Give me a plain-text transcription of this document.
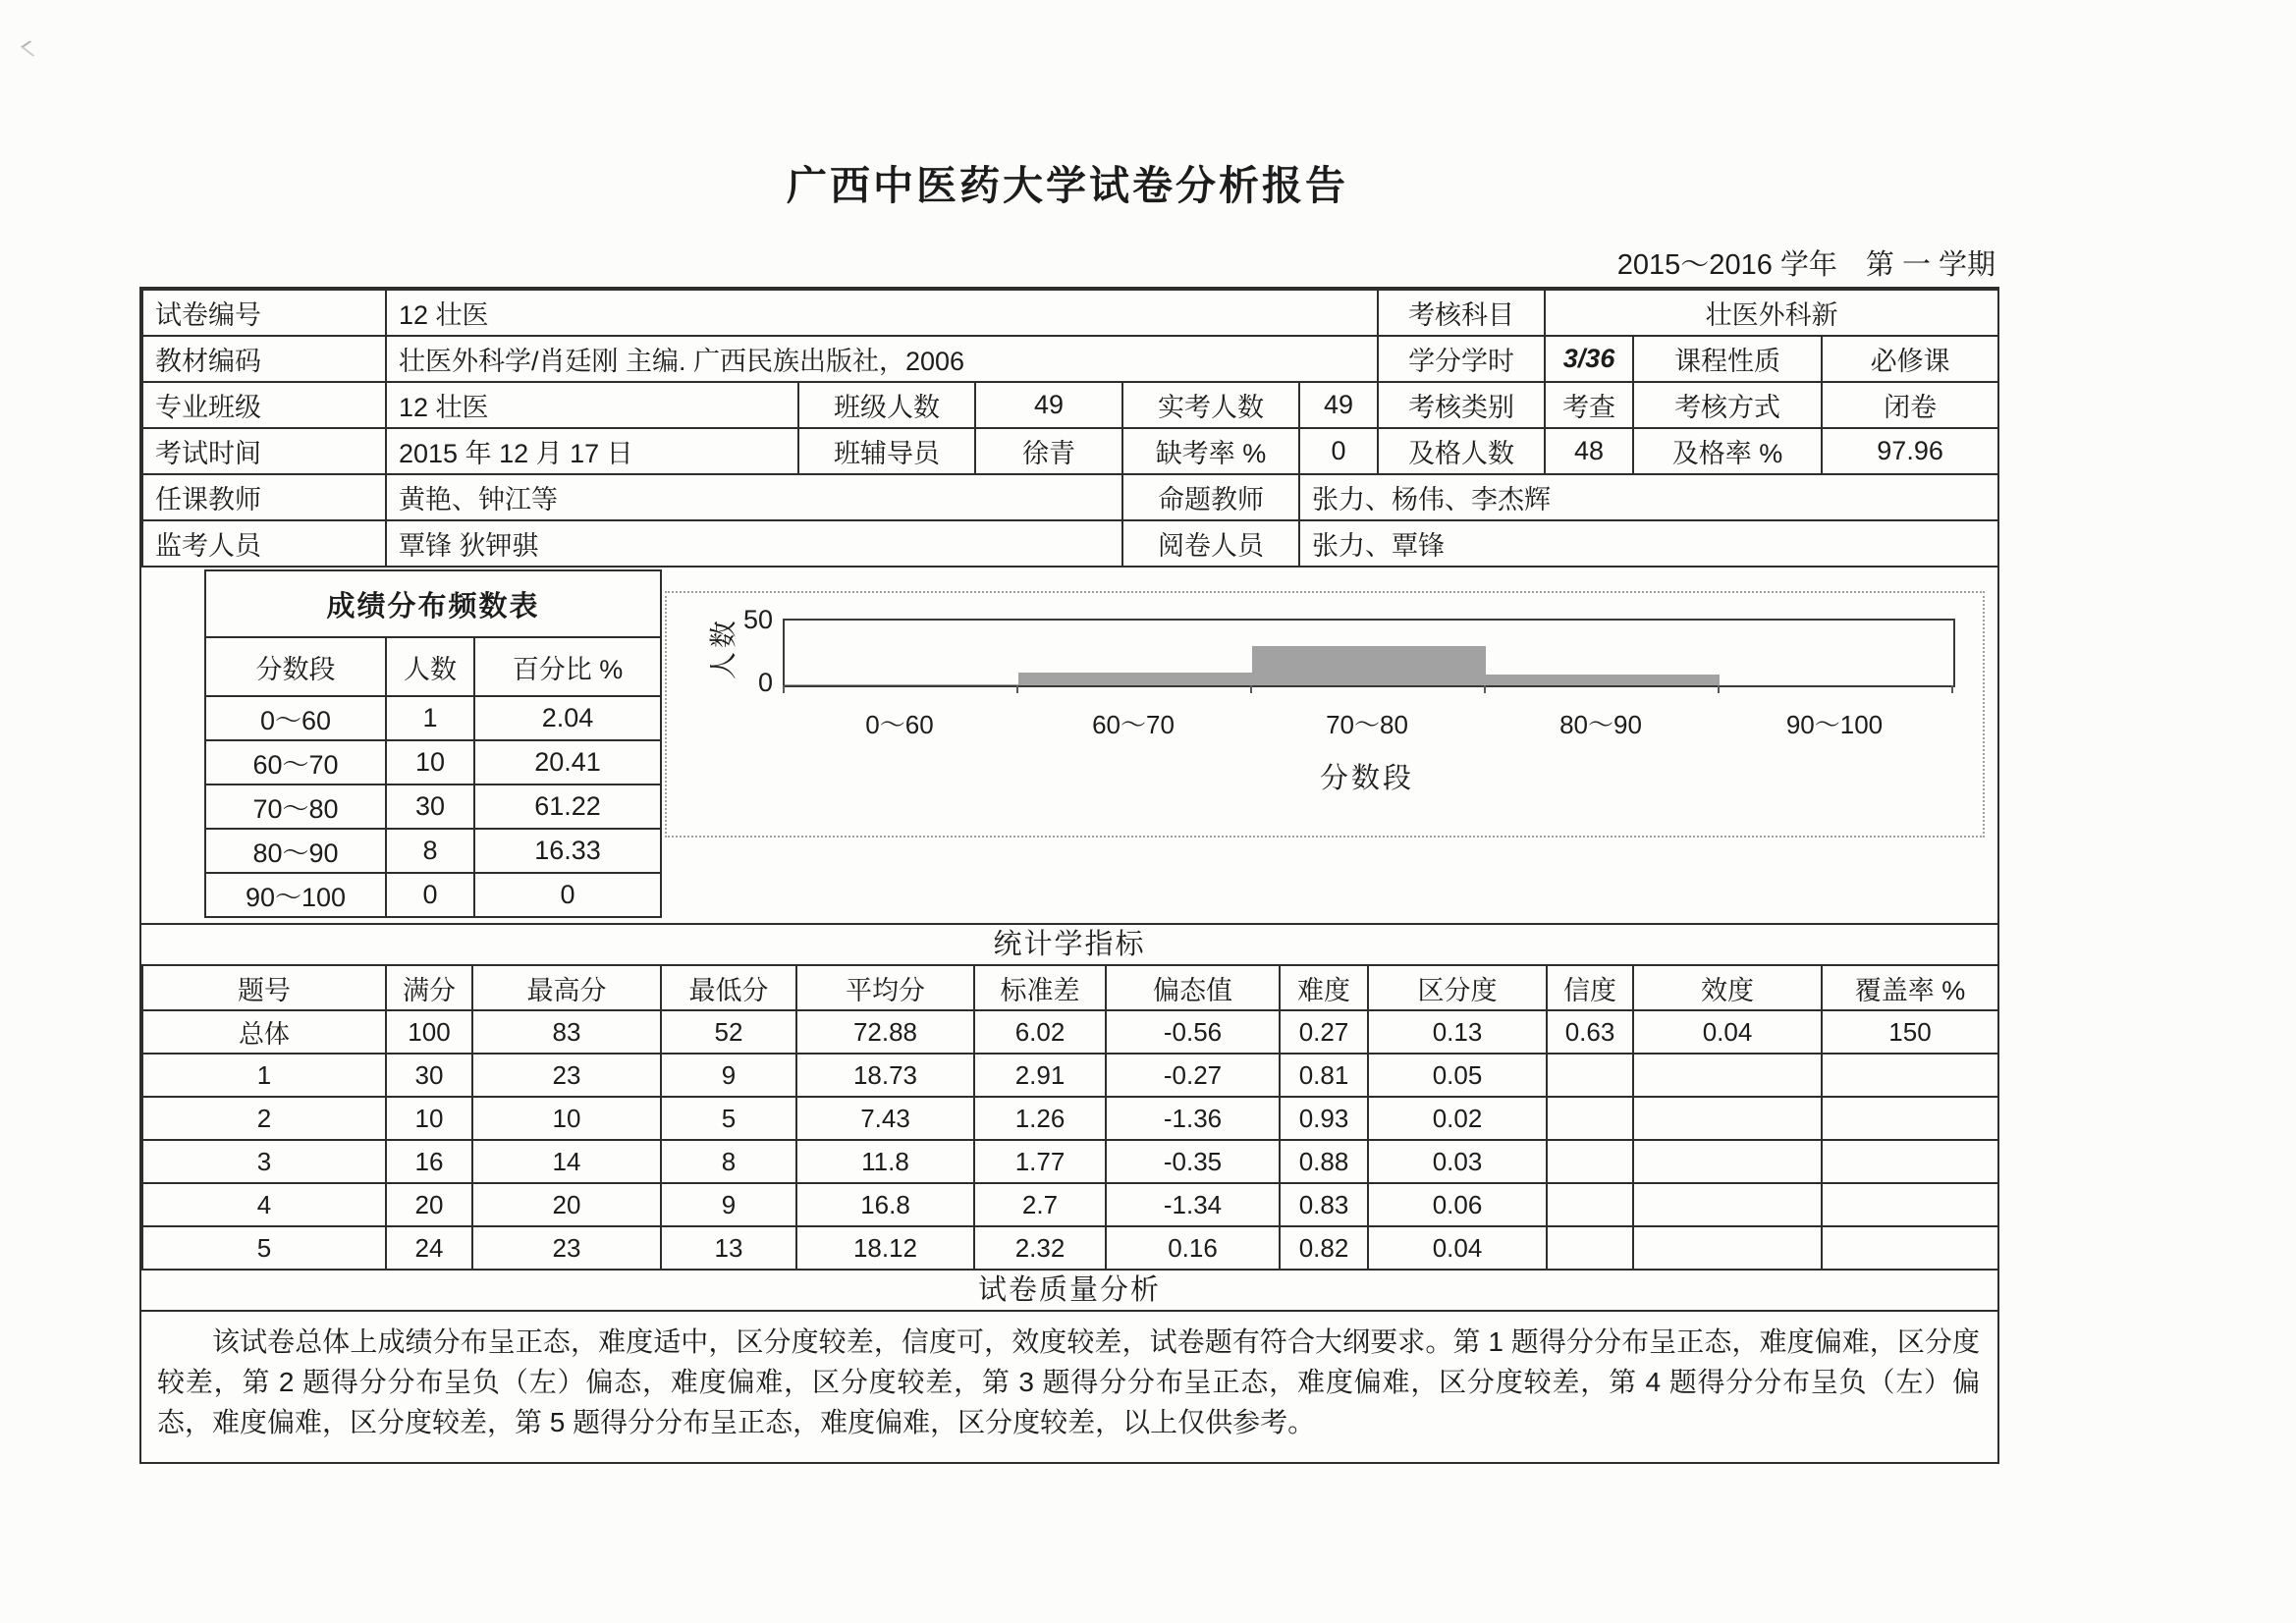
广西中医药大学试卷分析报告
2015～2016 学年　第 一 学期
试卷编号	12 壮医					考核科目	壮医外科新		
教材编码	壮医外科学/肖廷刚 主编. 广西民族出版社，2006					学分学时	3/36	课程性质	必修课
专业班级	12 壮医	班级人数	49	实考人数	49	考核类别	考查	考核方式	闭卷
考试时间	2015 年 12 月 17 日	班辅导员	徐青	缺考率 %	0	及格人数	48	及格率 %	97.96
任课教师	黄艳、钟江等			命题教师	张力、杨伟、李杰辉				
监考人员	覃锋 狄钾骐			阅卷人员	张力、覃锋				
成绩分布频数表		
分数段	人数	百分比 %
0～60	1	2.04
60～70	10	20.41
70～80	30	61.22
80～90	8	16.33
90～100	0	0
50
0
人数
0～60	60～70	70～80	80～90	90～100
分数段
统计学指标
题号	满分	最高分	最低分	平均分	标准差	偏态值	难度	区分度	信度	效度	覆盖率 %
总体	100	83	52	72.88	6.02	-0.56	0.27	0.13	0.63	0.04	150
1	30	23	9	18.73	2.91	-0.27	0.81	0.05			
2	10	10	5	7.43	1.26	-1.36	0.93	0.02			
3	16	14	8	11.8	1.77	-0.35	0.88	0.03			
4	20	20	9	16.8	2.7	-1.34	0.83	0.06			
5	24	23	13	18.12	2.32	0.16	0.82	0.04			
试卷质量分析
该试卷总体上成绩分布呈正态，难度适中，区分度较差，信度可，效度较差，试卷题有符合大纲要求。第 1 题得分分布呈正态，难度偏难，区分度较差，第 2 题得分分布呈负（左）偏态，难度偏难，区分度较差，第 3 题得分分布呈正态，难度偏难，区分度较差，第 4 题得分分布呈负（左）偏态，难度偏难，区分度较差，第 5 题得分分布呈正态，难度偏难，区分度较差，以上仅供参考。
